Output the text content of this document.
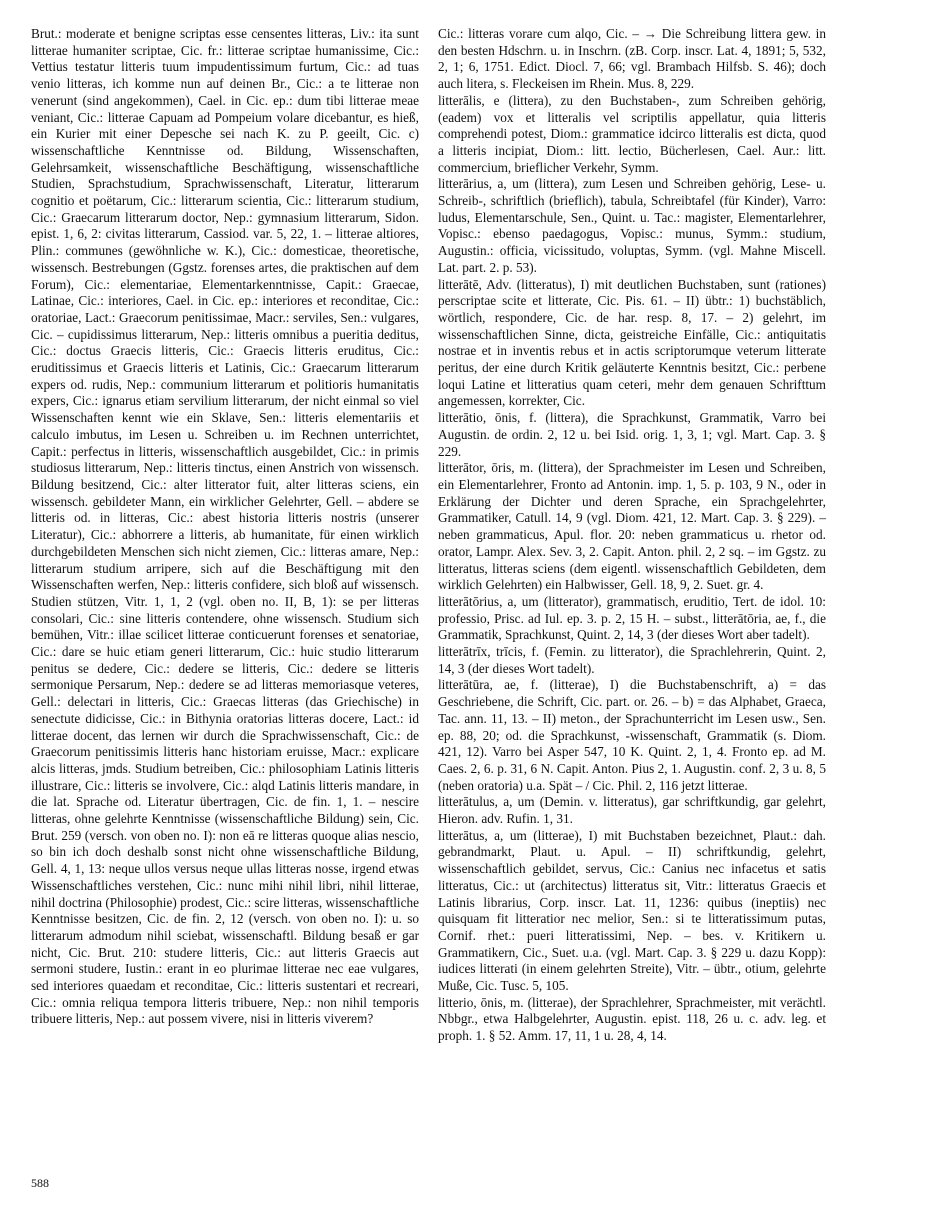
Brut.: moderate et benigne scriptas esse censentes litteras, Liv.: ita sunt litterae humaniter scriptae, Cic. fr.: litterae scriptae humanissime, Cic.: Vettius testatur litteris tuum impudentissimum furtum, Cic.: ad tuas venio litteras, ich komme nun auf deinen Br., Cic.: a te litterae non venerunt (sind angekommen), Cael. in Cic. ep.: dum tibi litterae meae veniant, Cic.: litterae Capuam ad Pompeium volare dicebantur, es hieß, ein Kurier mit einer Depesche sei nach K. zu P. geeilt, Cic. c) wissenschaftliche Kenntnisse od. Bildung, Wissenschaften, Gelehrsamkeit, wissenschaftliche Beschäftigung, wissenschaftliche Studien, Sprachstudium, Sprachwissenschaft, Literatur, litterarum cognitio et poëtarum, Cic.: litterarum scientia, Cic.: litterarum studium, Cic.: Graecarum litterarum doctor, Nep.: gymnasium litterarum, Sidon. epist. 1, 6, 2: civitas litterarum, Cassiod. var. 5, 22, 1. – litterae altiores, Plin.: communes (gewöhnliche w. K.), Cic.: domesticae, theoretische, wissensch. Bestrebungen (Ggstz. forenses artes, die praktischen auf dem Forum), Cic.: elementariae, Elementarkenntnisse, Capit.: Graecae, Latinae, Cic.: interiores, Cael. in Cic. ep.: interiores et reconditae, Cic.: oratoriae, Lact.: Graecorum penitissimae, Macr.: serviles, Sen.: vulgares, Cic. – cupidissimus litterarum, Nep.: litteris omnibus a pueritia deditus, Cic.: doctus Graecis litteris, Cic.: Graecis litteris eruditus, Cic.: eruditissimus et Graecis litteris et Latinis, Cic.: Graecarum litterarum expers od. rudis, Nep.: communium litterarum et politioris humanitatis expers, Cic.: ignarus etiam servilium litterarum, der nicht einmal so viel Wissenschaften kennt wie ein Sklave, Sen.: litteris elementariis et calculo imbutus, im Lesen u. Schreiben u. im Rechnen unterrichtet, Capit.: perfectus in litteris, wissenschaftlich ausgebildet, Cic.: in primis studiosus litterarum, Nep.: litteris tinctus, einen Anstrich von wissensch. Bildung besitzend, Cic.: alter litterator fuit, alter litteras sciens, ein wissensch. gebildeter Mann, ein wirklicher Gelehrter, Gell. – abdere se litteris od. in litteras, Cic.: abest historia litteris nostris (unserer Literatur), Cic.: abhorrere a litteris, ab humanitate, für einen wirklich durchgebildeten Menschen sich nicht ziemen, Cic.: litteras amare, Nep.: litterarum studium arripere, sich auf die Beschäftigung mit den Wissenschaften werfen, Nep.: litteris confidere, sich bloß auf wissensch. Studien stützen, Vitr. 1, 1, 2 (vgl. oben no. II, B, 1): se per litteras consolari, Cic.: sine litteris contendere, ohne wissensch. Studium sich bemühen, Vitr.: illae scilicet litterae conticuerunt forenses et senatoriae, Cic.: dare se huic etiam generi litterarum, Cic.: huic studio litterarum penitus se dedere, Cic.: dedere se litteris, Cic.: dedere se litteris sermonique Persarum, Nep.: dedere se ad litteras memoriasque veteres, Gell.: delectari in litteris, Cic.: Graecas litteras (das Griechische) in senectute didicisse, Cic.: in Bithynia oratorias litteras docere, Lact.: id litterae docent, das lernen wir durch die Sprachwissenschaft, Cic.: de Graecorum penitissimis litteris hanc historiam eruisse, Macr.: explicare alcis litteras, jmds. Studium betreiben, Cic.: philosophiam Latinis litteris illustrare, Cic.: litteris se involvere, Cic.: alqd Latinis litteris mandare, in die lat. Sprache od. Literatur übertragen, Cic. de fin. 1, 1. – nescire litteras, ohne gelehrte Kenntnisse (wissenschaftliche Bildung) sein, Cic. Brut. 259 (versch. von oben no. I): non eā re litteras quoque alias nescio, so bin ich doch deshalb sonst nicht ohne wissenschaftliche Bildung, Gell. 4, 1, 13: neque ullos versus neque ullas litteras nosse, irgend etwas Wissenschaftliches verstehen, Cic.: nunc mihi nihil libri, nihil litterae, nihil doctrina (Philosophie) prodest, Cic.: scire litteras, wissenschaftliche Kenntnisse besitzen, Cic. de fin. 2, 12 (versch. von oben no. I): u. so litterarum admodum nihil sciebat, wissenschaftl. Bildung besaß er gar nicht, Cic. Brut. 210: studere litteris, Cic.: aut litteris Graecis aut sermoni studere, Iustin.: erant in eo plurimae litterae nec eae vulgares, sed interiores quaedam et reconditae, Cic.: litteris sustentari et recreari, Cic.: omnia reliqua tempora litteris tribuere, Nep.: non nihil temporis tribuere litteris, Nep.: aut possem vivere, nisi in litteris viverem?

Cic.: litteras vorare cum alqo, Cic. – → Die Schreibung littera gew. in den besten Hdschrn. u. in Inschrn. (zB. Corp. inscr. Lat. 4, 1891; 5, 532, 2, 1; 6, 1751. Edict. Diocl. 7, 66; vgl. Brambach Hilfsb. S. 46); doch auch litera, s. Fleckeisen im Rhein. Mus. 8, 229.

litterālis, e (littera), zu den Buchstaben-, zum Schreiben gehörig, (eadem) vox et litteralis vel scriptilis appellatur, quia litteris comprehendi potest, Diom.: grammatice idcirco litteralis est dicta, quod a litteris incipiat, Diom.: litt. lectio, Bücherlesen, Cael. Aur.: litt. commercium, brieflicher Verkehr, Symm.

litterārius, a, um (littera), zum Lesen und Schreiben gehörig, Lese- u. Schreib-, schriftlich (brieflich), tabula, Schreibtafel (für Kinder), Varro: ludus, Elementarschule, Sen., Quint. u. Tac.: magister, Elementarlehrer, Vopisc.: ebenso paedagogus, Vopisc.: munus, Symm.: studium, Augustin.: officia, vicissitudo, voluptas, Symm. (vgl. Mahne Miscell. Lat. part. 2. p. 53).

litterātē, Adv. (litteratus), I) mit deutlichen Buchstaben, sunt (rationes) perscriptae scite et litterate, Cic. Pis. 61. – II) übtr.: 1) buchstäblich, wörtlich, respondere, Cic. de har. resp. 8, 17. – 2) gelehrt, im wissenschaftlichen Sinne, dicta, geistreiche Einfälle, Cic.: antiquitatis nostrae et in inventis rebus et in actis scriptorumque veterum litterate peritus, der eine durch Kritik geläuterte Kenntnis besitzt, Cic.: perbene loqui Latine et litteratius quam ceteri, mehr dem genauen Schrifttum angemessen, korrekter, Cic.

litterātio, ōnis, f. (littera), die Sprachkunst, Grammatik, Varro bei Augustin. de ordin. 2, 12 u. bei Isid. orig. 1, 3, 1; vgl. Mart. Cap. 3. § 229.

litterātor, ōris, m. (littera), der Sprachmeister im Lesen und Schreiben, ein Elementarlehrer, Fronto ad Antonin. imp. 1, 5. p. 103, 9 N., oder in Erklärung der Dichter und deren Sprache, ein Sprachgelehrter, Grammatiker, Catull. 14, 9 (vgl. Diom. 421, 12. Mart. Cap. 3. § 229). – neben grammaticus, Apul. flor. 20: neben grammaticus u. rhetor od. orator, Lampr. Alex. Sev. 3, 2. Capit. Anton. phil. 2, 2 sq. – im Ggstz. zu litteratus, litteras sciens (dem eigentl. wissenschaftlich Gebildeten, dem wirklich Gelehrten) ein Halbwisser, Gell. 18, 9, 2. Suet. gr. 4.

litterātōrius, a, um (litterator), grammatisch, eruditio, Tert. de idol. 10: professio, Prisc. ad Iul. ep. 3. p. 2, 15 H. – subst., litterātōria, ae, f., die Grammatik, Sprachkunst, Quint. 2, 14, 3 (der dieses Wort aber tadelt).

litterātrīx, trīcis, f. (Femin. zu litterator), die Sprachlehrerin, Quint. 2, 14, 3 (der dieses Wort tadelt).

litterātūra, ae, f. (litterae), I) die Buchstabenschrift, a) = das Geschriebene, die Schrift, Cic. part. or. 26. – b) = das Alphabet, Graeca, Tac. ann. 11, 13. – II) meton., der Sprachunterricht im Lesen usw., Sen. ep. 88, 20; od. die Sprachkunst, -wissenschaft, Grammatik (s. Diom. 421, 12). Varro bei Asper 547, 10 K. Quint. 2, 1, 4. Fronto ep. ad M. Caes. 2, 6. p. 31, 6 N. Capit. Anton. Pius 2, 1. Augustin. conf. 2, 3 u. 8, 5 (neben oratoria) u.a. Spät – / Cic. Phil. 2, 116 jetzt litterae.

litterātulus, a, um (Demin. v. litteratus), gar schriftkundig, gar gelehrt, Hieron. adv. Rufin. 1, 31.

litterātus, a, um (litterae), I) mit Buchstaben bezeichnet, Plaut.: dah. gebrandmarkt, Plaut. u. Apul. – II) schriftkundig, gelehrt, wissenschaftlich gebildet, servus, Cic.: Canius nec infacetus et satis litteratus, Cic.: ut (architectus) litteratus sit, Vitr.: litteratus Graecis et Latinis librarius, Corp. inscr. Lat. 11, 1236: quibus (ineptiis) nec quisquam fit litteratior nec melior, Sen.: si te litteratissimum putas, Cornif. rhet.: pueri litteratissimi, Nep. – bes. v. Kritikern u. Grammatikern, Cic., Suet. u.a. (vgl. Mart. Cap. 3. § 229 u. dazu Kopp): iudices litterati (in einem gelehrten Streite), Vitr. – übtr., otium, gelehrte Muße, Cic. Tusc. 5, 105.

litterio, ōnis, m. (litterae), der Sprachlehrer, Sprachmeister, mit verächtl. Nbbgr., etwa Halbgelehrter, Augustin. epist. 118, 26 u. c. adv. leg. et proph. 1. § 52. Amm. 17, 11, 1 u. 28, 4, 14.

588
